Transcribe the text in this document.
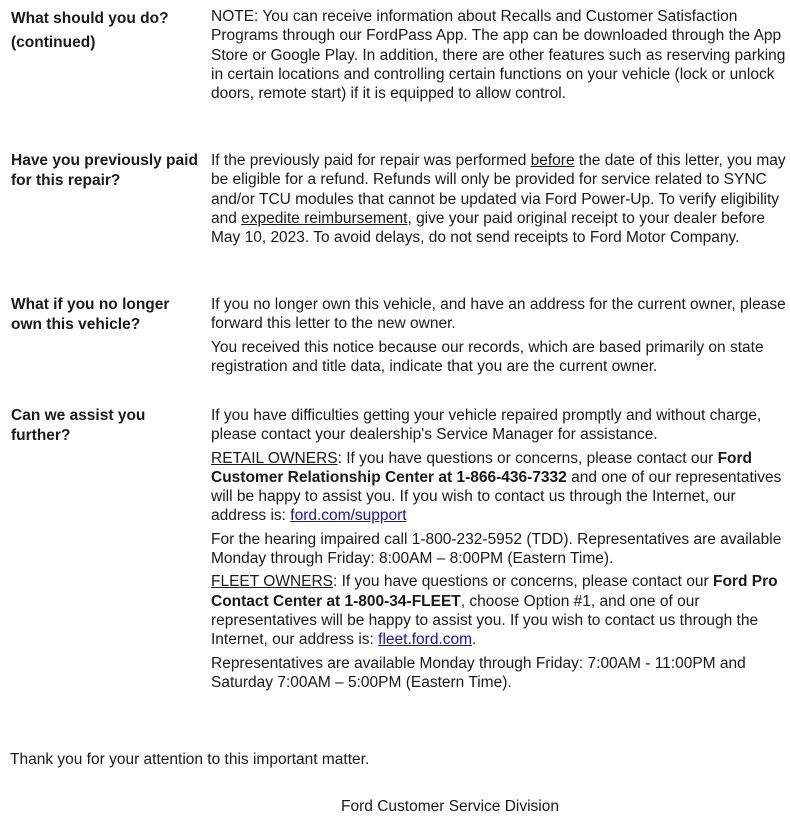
What should you do? (continued)

NOTE: You can receive information about Recalls and Customer Satisfaction Programs through our FordPass App. The app can be downloaded through the App Store or Google Play. In addition, there are other features such as reserving parking in certain locations and controlling certain functions on your vehicle (lock or unlock doors, remote start) if it is equipped to allow control.

Have you previously paid for this repair?

If the previously paid for repair was performed before the date of this letter, you may be eligible for a refund. Refunds will only be provided for service related to SYNC and/or TCU modules that cannot be updated via Ford Power-Up. To verify eligibility and expedite reimbursement, give your paid original receipt to your dealer before May 10, 2023. To avoid delays, do not send receipts to Ford Motor Company.

What if you no longer own this vehicle?

If you no longer own this vehicle, and have an address for the current owner, please forward this letter to the new owner.

You received this notice because our records, which are based primarily on state registration and title data, indicate that you are the current owner.

Can we assist you further?

If you have difficulties getting your vehicle repaired promptly and without charge, please contact your dealership's Service Manager for assistance.

RETAIL OWNERS: If you have questions or concerns, please contact our Ford Customer Relationship Center at 1-866-436-7332 and one of our representatives will be happy to assist you. If you wish to contact us through the Internet, our address is: ford.com/support

For the hearing impaired call 1-800-232-5952 (TDD). Representatives are available Monday through Friday: 8:00AM – 8:00PM (Eastern Time).

FLEET OWNERS: If you have questions or concerns, please contact our Ford Pro Contact Center at 1-800-34-FLEET, choose Option #1, and one of our representatives will be happy to assist you. If you wish to contact us through the Internet, our address is: fleet.ford.com.

Representatives are available Monday through Friday: 7:00AM - 11:00PM and Saturday 7:00AM – 5:00PM (Eastern Time).

Thank you for your attention to this important matter.

Ford Customer Service Division
